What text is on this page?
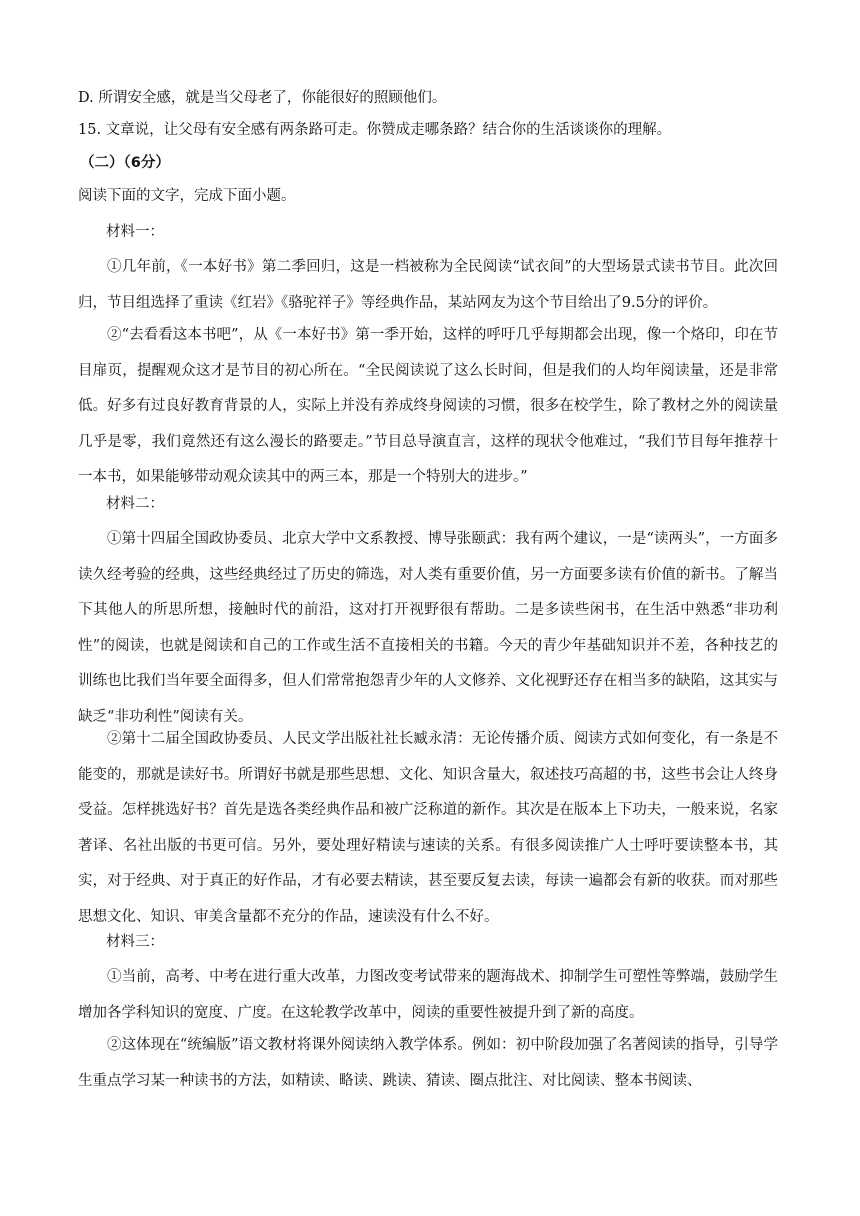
D. 所谓安全感，就是当父母老了，你能很好的照顾他们。
15. 文章说，让父母有安全感有两条路可走。你赞成走哪条路？结合你的生活谈谈你的理解。
（二）（6分）
阅读下面的文字，完成下面小题。
材料一：
①几年前，《一本好书》第二季回归，这是一档被称为全民阅读“试衣间”的大型场景式读书节目。此次回归，节目组选择了重读《红岩》《骆驼祥子》等经典作品，某站网友为这个节目给出了9.5分的评价。
②“去看看这本书吧”，从《一本好书》第一季开始，这样的呼吁几乎每期都会出现，像一个烙印，印在节目扉页，提醒观众这才是节目的初心所在。“全民阅读说了这么长时间，但是我们的人均年阅读量，还是非常低。好多有过良好教育背景的人，实际上并没有养成终身阅读的习惯，很多在校学生，除了教材之外的阅读量几乎是零，我们竟然还有这么漫长的路要走。”节目总导演直言，这样的现状令他难过，“我们节目每年推荐十一本书，如果能够带动观众读其中的两三本，那是一个特别大的进步。”
材料二：
①第十四届全国政协委员、北京大学中文系教授、博导张颐武：我有两个建议，一是“读两头”，一方面多读久经考验的经典，这些经典经过了历史的筛选，对人类有重要价值，另一方面要多读有价值的新书。了解当下其他人的所思所想，接触时代的前沿，这对打开视野很有帮助。二是多读些闲书，在生活中熟悉“非功利性”的阅读，也就是阅读和自己的工作或生活不直接相关的书籍。今天的青少年基础知识并不差，各种技艺的训练也比我们当年要全面得多，但人们常常抱怨青少年的人文修养、文化视野还存在相当多的缺陷，这其实与缺乏“非功利性”阅读有关。
②第十二届全国政协委员、人民文学出版社社长臧永清：无论传播介质、阅读方式如何变化，有一条是不能变的，那就是读好书。所谓好书就是那些思想、文化、知识含量大，叙述技巧高超的书，这些书会让人终身受益。怎样挑选好书？首先是选各类经典作品和被广泛称道的新作。其次是在版本上下功夫，一般来说，名家著译、名社出版的书更可信。另外，要处理好精读与速读的关系。有很多阅读推广人士呼吁要读整本书，其实，对于经典、对于真正的好作品，才有必要去精读，甚至要反复去读，每读一遍都会有新的收获。而对那些思想文化、知识、审美含量都不充分的作品，速读没有什么不好。
材料三：
①当前，高考、中考在进行重大改革，力图改变考试带来的题海战术、抑制学生可塑性等弊端，鼓励学生增加各学科知识的宽度、广度。在这轮教学改革中，阅读的重要性被提升到了新的高度。
②这体现在“统编版”语文教材将课外阅读纳入教学体系。例如：初中阶段加强了名著阅读的指导，引导学生重点学习某一种读书的方法，如精读、略读、跳读、猜读、圈点批注、对比阅读、整本书阅读、
